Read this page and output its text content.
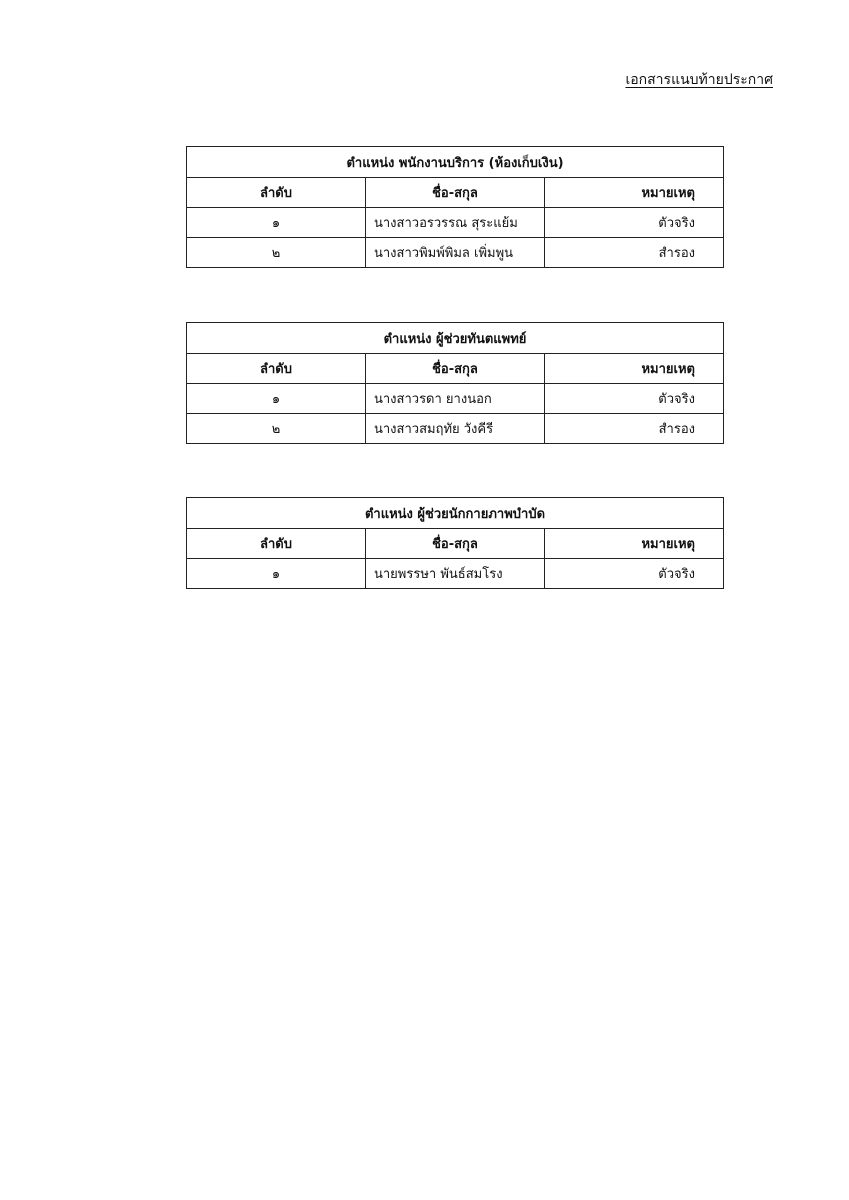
เอกสารแนบท้ายประกาศ
ตำแหน่ง พนักงานบริการ (ห้องเก็บเงิน)		
ลำดับ	ชื่อ-สกุล	หมายเหตุ
๑	นางสาวอรวรรณ สุระแย้ม	ตัวจริง
๒	นางสาวพิมพ์พิมล เพิ่มพูน	สำรอง
ตำแหน่ง ผู้ช่วยทันตแพทย์		
ลำดับ	ชื่อ-สกุล	หมายเหตุ
๑	นางสาวรดา ยางนอก	ตัวจริง
๒	นางสาวสมฤทัย วังคีรี	สำรอง
ตำแหน่ง ผู้ช่วยนักกายภาพบำบัด		
ลำดับ	ชื่อ-สกุล	หมายเหตุ
๑	นายพรรษา พันธ์สมโรง	ตัวจริง
